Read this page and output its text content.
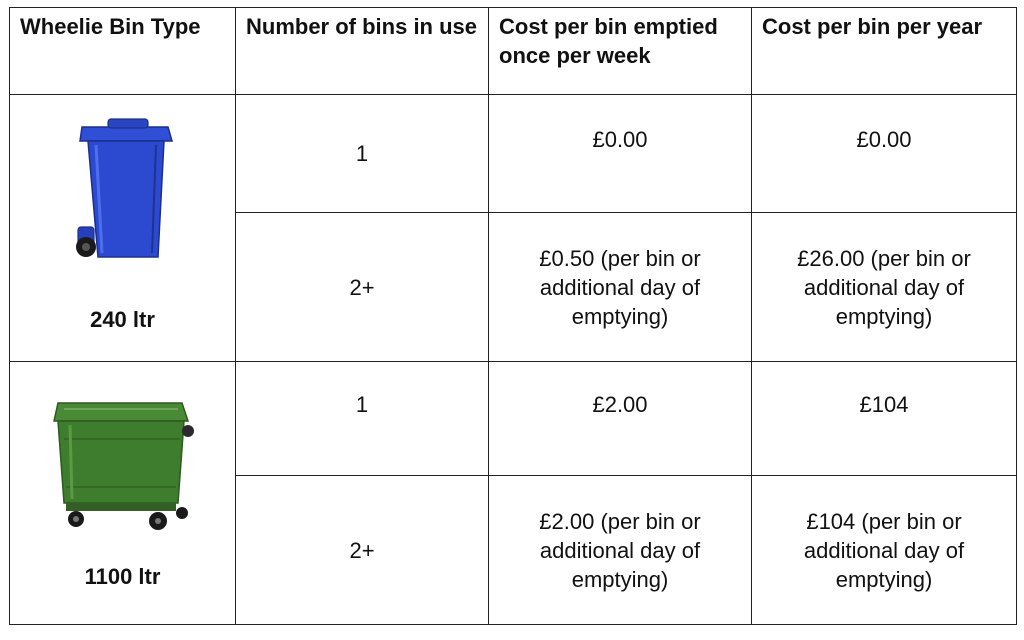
Wheelie Bin Type	Number of bins in use	Cost per bin emptied once per week	Cost per bin per year

240 ltr	1	£0.00	£0.00
	2+	£0.50 (per bin or additional day of emptying)	£26.00 (per bin or additional day of emptying)

1100 ltr	1	£2.00	£104
	2+	£2.00 (per bin or additional day of emptying)	£104 (per bin or additional day of emptying)
